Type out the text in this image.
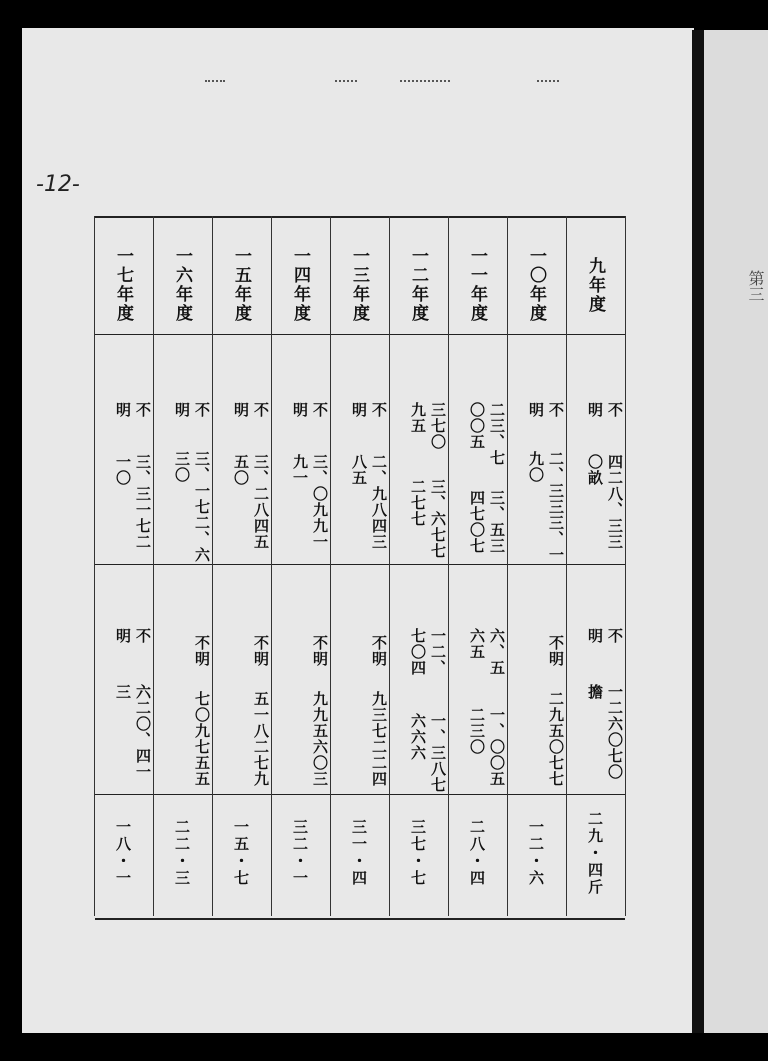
第三
-12-
九年度
四二八、三三〇畝
不明
一二六〇七〇擔
不明
二九・四斤
一〇年度
二、三三三、一九〇
不明
二九五〇七七
不明
一二・六
一一年度
三、五三四七〇七
二三、七〇〇五
一、〇〇五二三〇
六、五六五
二八・四
一二年度
三、六七七二七七
三七〇九五
一、三八七六六六
一二、七〇四
三七・七
一三年度
二、九八四三八五
不明
九三七二二四
不明
三一・四
一四年度
三、〇九九一九一
不明
九九五六〇三
不明
三二・一
一五年度
三、二八四五五〇
不明
五一八二七九
不明
一五・七
一六年度
三、一七二、六三〇
不明
七〇九七五五
不明
二二・三
一七年度
三、三一七二一〇
不明
六二〇、四一三
不明
一八・一
